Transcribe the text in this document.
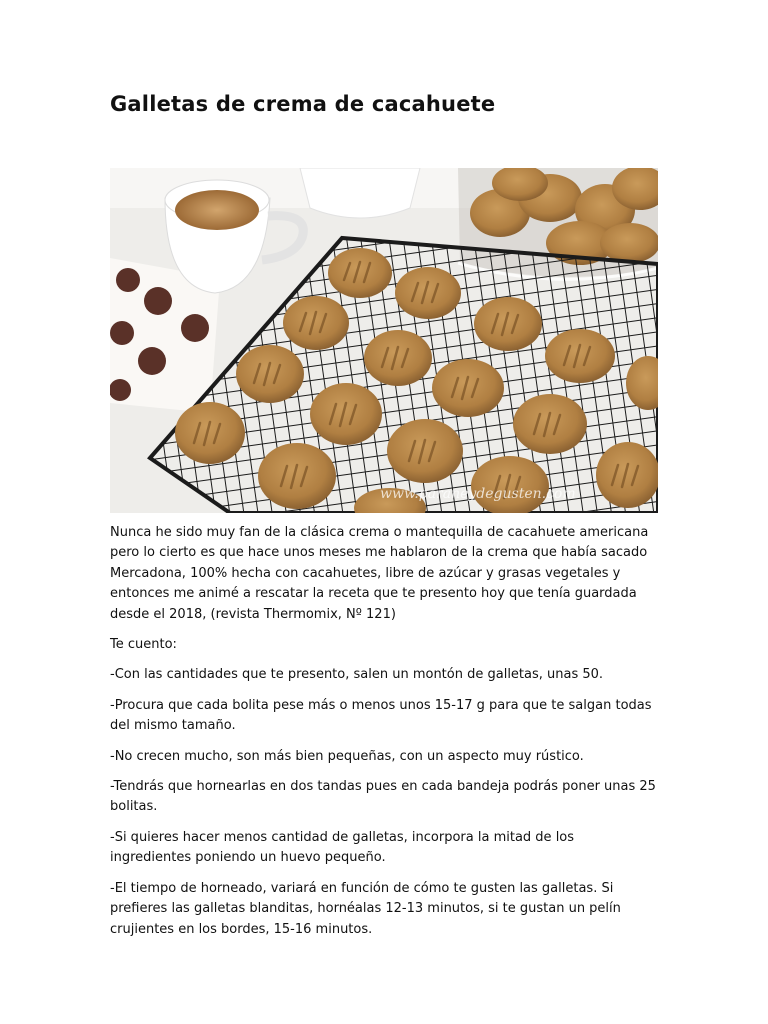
Galletas de crema de cacahuete
www.paraneydegusten.com

Nunca he sido muy fan de la clásica crema o mantequilla de cacahuete americana pero lo cierto es que hace unos meses me hablaron de la crema que había sacado Mercadona, 100% hecha con cacahuetes, libre de azúcar y grasas vegetales y entonces me animé a rescatar la receta que te presento hoy que tenía guardada desde el 2018, (revista Thermomix, Nº 121)

Te cuento:

-Con las cantidades que te presento, salen un montón de galletas, unas 50.

-Procura que cada bolita pese más o menos unos 15-17 g para que te salgan todas del mismo tamaño.

-No crecen mucho, son más bien pequeñas, con un aspecto muy rústico.

-Tendrás que hornearlas en dos tandas pues en cada bandeja podrás poner unas 25 bolitas.

-Si quieres hacer menos cantidad de galletas, incorpora la mitad de los ingredientes poniendo un huevo pequeño.

-El tiempo de horneado, variará en función de cómo te gusten las galletas. Si prefieres las galletas blanditas, hornéalas 12-13 minutos, si te gustan un pelín crujientes en los bordes, 15-16 minutos.
